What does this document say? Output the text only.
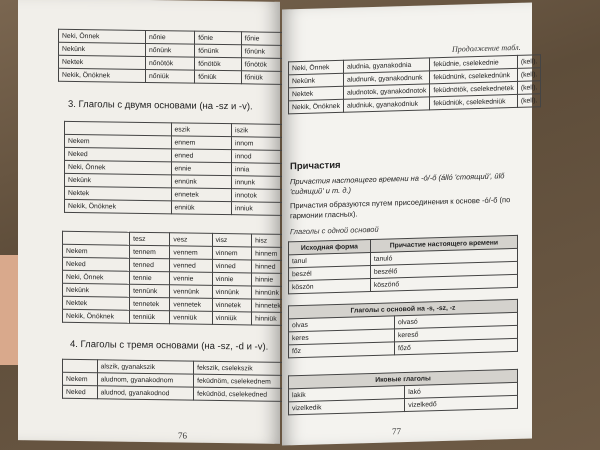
Neki, Önnek	nőnie	főnie	főnie
Nekünk	nőnünk	főnünk	főnünk
Nektek	nőnötök	főnötök	főnötök
Nekik, Önöknek	nőniük	főniük	főniük
3. Глаголы с двумя основами (на -sz и -v).
	eszik	iszik
Nekem	ennem	innom
Neked	enned	innod
Neki, Önnek	ennie	innia
Nekünk	ennünk	innunk
Nektek	ennetek	innotok
Nekik, Önöknek	enniük	inniuk
	tesz	vesz	visz	hisz
Nekem	tennem	vennem	vinnem	hinnem
Neked	tenned	venned	vinned	hinned
Neki, Önnek	tennie	vennie	vinnie	hinnie
Nekünk	tennünk	vennünk	vinnünk	hinnünk
Nektek	tennetek	vennetek	vinnetek	hinnetek
Nekik, Önöknek	tenniük	venniük	vinniük	hinniük
4. Глаголы с тремя основами (на -sz, -d и -v).
	alszik, gyanakszik	fekszik, cselekszik
Nekem	aludnom, gyanakodnom	feküdnöm, cselekednem
Neked	aludnod, gyanakodnod	feküdnöd, cselekedned
76
Продолжение табл.
Neki, Önnek	aludnia, gyanakodnia	feküdnie, cselekednie	(kell).
Nekünk	aludnunk, gyanakodnunk	feküdnünk, cselekednünk	(kell).
Nektek	aludnotok, gyanakodnotok	feküdnötök, cselekednetek	(kell).
Nekik, Önöknek	aludniuk, gyanakodniuk	feküdniük, cselekedniük	(kell).
Причастия
Причастия настоящего времени на -ó/-ő (álló 'стоящий', ülő 'сидящий' и т. д.)
Причастия образуются путем присоединения к основе -ó/-ő (по гармонии гласных).
Глаголы с одной основой
Исходная форма	Причастие настоящего времени
tanul	tanuló
beszél	beszélő
köszön	köszönő
Глаголы с основой на -s, -sz, -z	
olvas	olvasó
keres	kereső
főz	főző
Иковые глаголы	
lakik	lakó
vizelkedik	vizelkedő
77
